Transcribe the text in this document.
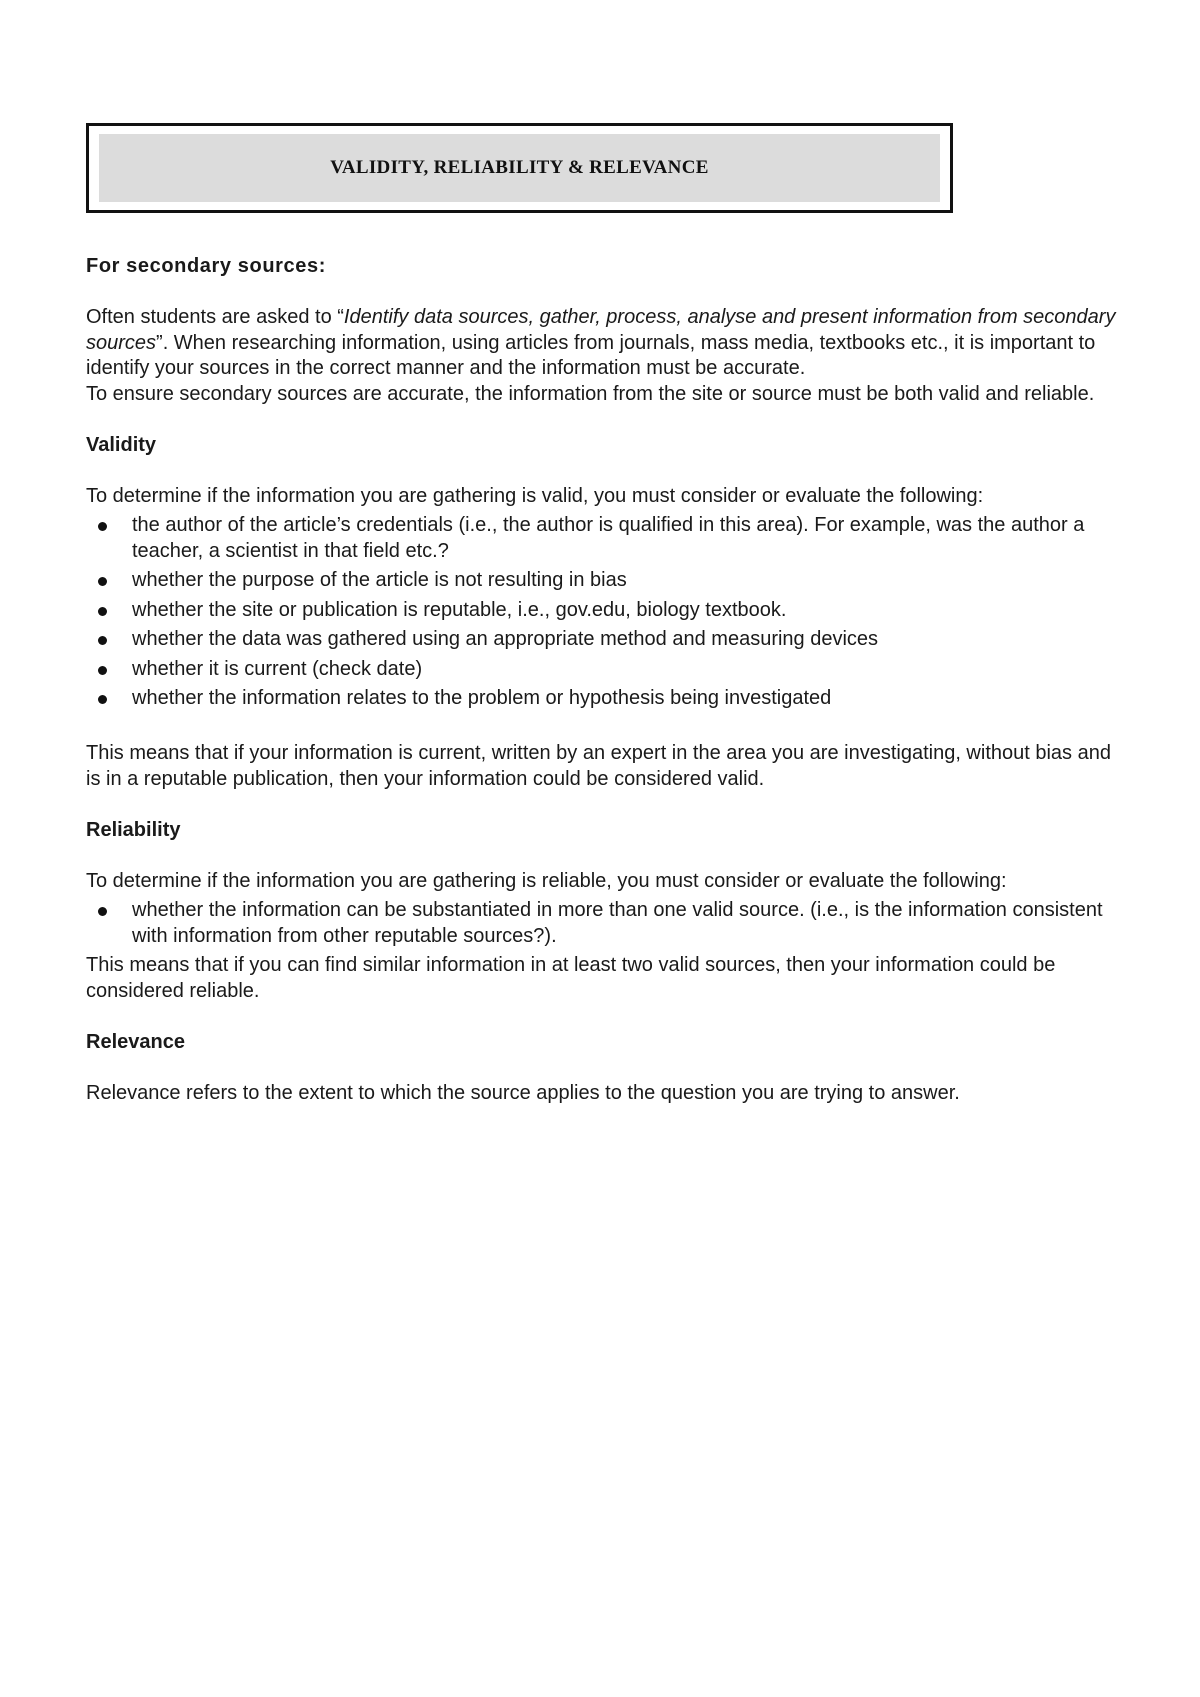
VALIDITY, RELIABILITY & RELEVANCE

For secondary sources:

Often students are asked to “Identify data sources, gather, process, analyse and present information from secondary sources”. When researching information, using articles from journals, mass media, textbooks etc., it is important to identify your sources in the correct manner and the information must be accurate.

To ensure secondary sources are accurate, the information from the site or source must be both valid and reliable.

Validity

To determine if the information you are gathering is valid, you must consider or evaluate the following:

the author of the article’s credentials (i.e., the author is qualified in this area). For example, was the author a teacher, a scientist in that field etc.?
whether the purpose of the article is not resulting in bias
whether the site or publication is reputable, i.e., gov.edu, biology textbook.
whether the data was gathered using an appropriate method and measuring devices
whether it is current (check date)
whether the information relates to the problem or hypothesis being investigated

This means that if your information is current, written by an expert in the area you are investigating, without bias and is in a reputable publication, then your information could be considered valid.

Reliability

To determine if the information you are gathering is reliable, you must consider or evaluate the following:

whether the information can be substantiated in more than one valid source. (i.e., is the information consistent with information from other reputable sources?).

This means that if you can find similar information in at least two valid sources, then your information could be considered reliable.

Relevance

Relevance refers to the extent to which the source applies to the question you are trying to answer.
